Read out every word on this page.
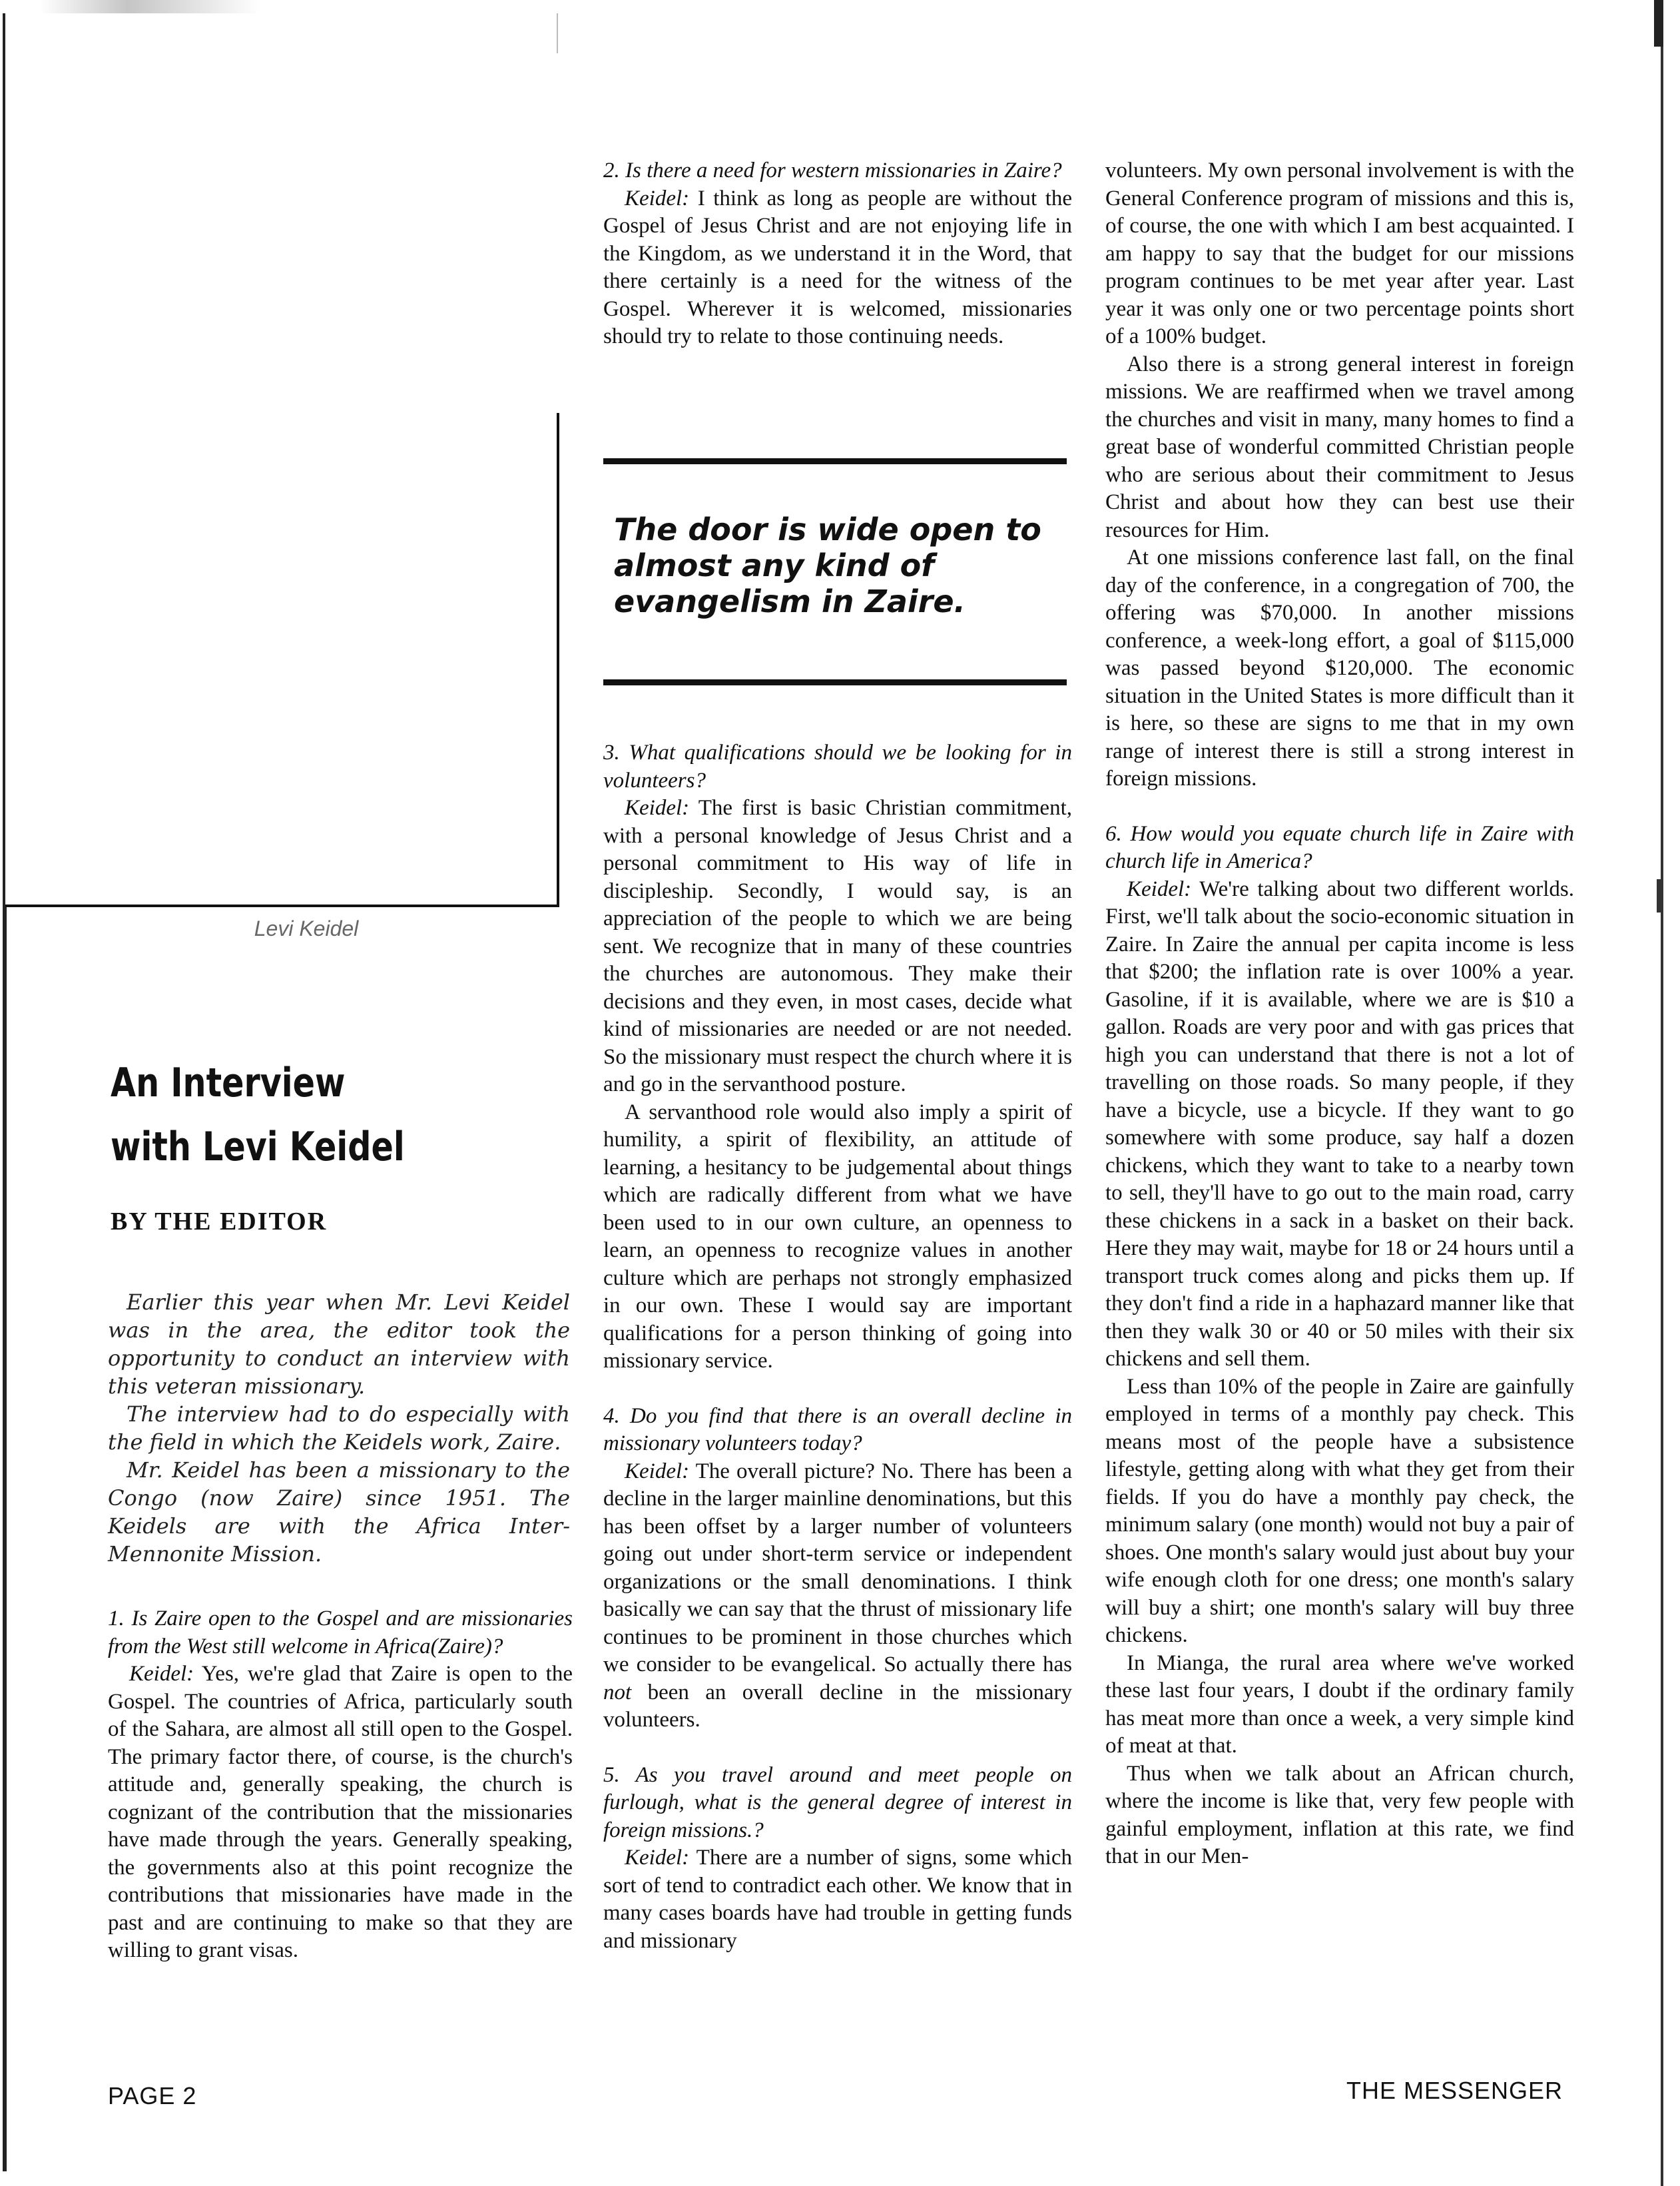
Levi Keidel
An Interview
with Levi Keidel
BY THE EDITOR

Earlier this year when Mr. Levi Keidel was in the area, the editor took the opportunity to conduct an interview with this veteran missionary.

The interview had to do especially with the field in which the Keidels work, Zaire.

Mr. Keidel has been a missionary to the Congo (now Zaire) since 1951. The Keidels are with the Africa Inter-Mennonite Mission.

1. Is Zaire open to the Gospel and are missionaries from the West still welcome in Africa(Zaire)?

Keidel: Yes, we're glad that Zaire is open to the Gospel. The countries of Africa, particularly south of the Sahara, are almost all still open to the Gospel. The primary factor there, of course, is the church's attitude and, generally speaking, the church is cognizant of the contribution that the missionaries have made through the years. Generally speaking, the governments also at this point recognize the contributions that missionaries have made in the past and are continuing to make so that they are willing to grant visas.

2. Is there a need for western missionaries in Zaire?

Keidel: I think as long as people are without the Gospel of Jesus Christ and are not enjoying life in the Kingdom, as we understand it in the Word, that there certainly is a need for the witness of the Gospel. Wherever it is welcomed, missionaries should try to relate to those continuing needs.

The door is wide open to almost any kind of evangelism in Zaire.

3. What qualifications should we be looking for in volunteers?

Keidel: The first is basic Christian commitment, with a personal knowledge of Jesus Christ and a personal commitment to His way of life in discipleship. Secondly, I would say, is an appreciation of the people to which we are being sent. We recognize that in many of these countries the churches are autonomous. They make their decisions and they even, in most cases, decide what kind of missionaries are needed or are not needed. So the missionary must respect the church where it is and go in the servanthood posture.

A servanthood role would also imply a spirit of humility, a spirit of flexibility, an attitude of learning, a hesitancy to be judgemental about things which are radically different from what we have been used to in our own culture, an openness to learn, an openness to recognize values in another culture which are perhaps not strongly emphasized in our own. These I would say are important qualifications for a person thinking of going into missionary service.

4. Do you find that there is an overall decline in missionary volunteers today?

Keidel: The overall picture? No. There has been a decline in the larger mainline denominations, but this has been offset by a larger number of volunteers going out under short-term service or independent organizations or the small denominations. I think basically we can say that the thrust of missionary life continues to be prominent in those churches which we consider to be evangelical. So actually there has not been an overall decline in the missionary volunteers.

5. As you travel around and meet people on furlough, what is the general degree of interest in foreign missions.?

Keidel: There are a number of signs, some which sort of tend to contradict each other. We know that in many cases boards have had trouble in getting funds and missionary

volunteers. My own personal involvement is with the General Conference program of missions and this is, of course, the one with which I am best acquainted. I am happy to say that the budget for our missions program continues to be met year after year. Last year it was only one or two percentage points short of a 100% budget.

Also there is a strong general interest in foreign missions. We are reaffirmed when we travel among the churches and visit in many, many homes to find a great base of wonderful committed Christian people who are serious about their commitment to Jesus Christ and about how they can best use their resources for Him.

At one missions conference last fall, on the final day of the conference, in a congregation of 700, the offering was $70,000. In another missions conference, a week-long effort, a goal of $115,000 was passed beyond $120,000. The economic situation in the United States is more difficult than it is here, so these are signs to me that in my own range of interest there is still a strong interest in foreign missions.

6. How would you equate church life in Zaire with church life in America?

Keidel: We're talking about two different worlds. First, we'll talk about the socio-economic situation in Zaire. In Zaire the annual per capita income is less that $200; the inflation rate is over 100% a year. Gasoline, if it is available, where we are is $10 a gallon. Roads are very poor and with gas prices that high you can understand that there is not a lot of travelling on those roads. So many people, if they have a bicycle, use a bicycle. If they want to go somewhere with some produce, say half a dozen chickens, which they want to take to a nearby town to sell, they'll have to go out to the main road, carry these chickens in a sack in a basket on their back. Here they may wait, maybe for 18 or 24 hours until a transport truck comes along and picks them up. If they don't find a ride in a haphazard manner like that then they walk 30 or 40 or 50 miles with their six chickens and sell them.

Less than 10% of the people in Zaire are gainfully employed in terms of a monthly pay check. This means most of the people have a subsistence lifestyle, getting along with what they get from their fields. If you do have a monthly pay check, the minimum salary (one month) would not buy a pair of shoes. One month's salary would just about buy your wife enough cloth for one dress; one month's salary will buy a shirt; one month's salary will buy three chickens.

In Mianga, the rural area where we've worked these last four years, I doubt if the ordinary family has meat more than once a week, a very simple kind of meat at that.

Thus when we talk about an African church, where the income is like that, very few people with gainful employment, inflation at this rate, we find that in our Men-

PAGE 2	THE MESSENGER
